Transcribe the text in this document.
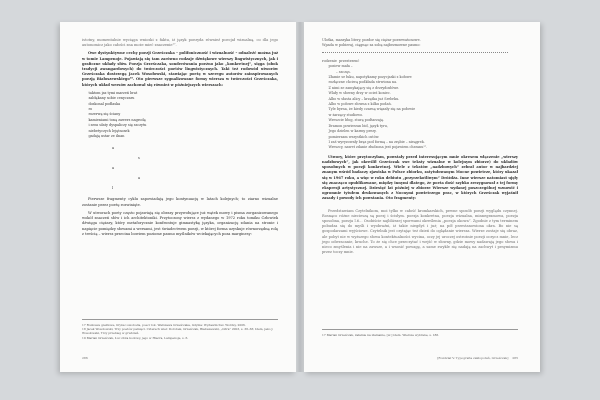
istotny, momentalnie wyciąga wnioski z faktu, iż język poezyda równieź poecjał wizualną, co dla jego autonomicz jako całości zna może mieć znaczenie¹⁷.

Owe dystynktywne cechy poezji Grześczaka – polifoniczność i wizualność – odnaleźć można już w tomie Lampenoje. Pojawiają się tam zarówno rodzaje dźwiękowe wierszy lingwistycznych, jak i graficzne układy słów. Poezja Grześczaka, sonderówania poeżno jako „konkretnej”, sięga (obok tradycji awangardowych) do twórczości poetów lingwistycznych. Taki też rodowód utworów Grześczaka dostrzegą Jacek Wosołowski, stawiając poetę w szeregu autorów zainspirowanych poezją Białoszewskiego¹⁸. Oto pierwsze sygnalizowane formy wiersza w twórczości Grześczaka, których układ wersów zachował się również w późniejszych wierszach:

taktom jaz tymi marzeń brat
zabłąkany sobie cenyczaru
doskonal podłaska
ro
rozerwą się ściany
kamieniami toną zawerz nagrodą
i sens ułaty dyspaliczy się szczytu
niebetyczych lejętnosek
gadają ustar ze ilnan
a
s
a
a
l

Pierwsze fragmenty cyklu zapowiadają jego kontynuację w latach kolejnych; to ziarno wizualne zostanie przez poetę rozwinięte.

W utworach poety często pojawiają się obrazy przywołujące już wątek mowy i pisma zorganizowanego wokół znaczeń słów i ich architektoniki. Przytoczony wiersz z wydanego w 1972 roku tomiku Człowiek dźwięga ciężary, który metaforycznie konfrontuje gimnastykę języka, organizację zdania na stronie i napięcie pomiędzy słowami a wersami, jest świadectwem poezji, w której forma uzyskuje równorzędną rolę z treścią – wiersz przecina bowiem poziome pasmo myślników wciekających poza marginesy:

17 Rozkosze giełdowe, liryka i swoboda, poeci rok. Warszawa Grześczaka, Gdynia: Wydawnictwo Wordsy, 2006.

18 Jacek Wosołowski, Trzy poetów pamięci. Czterech wier. Dorobek, Grześczak, Białoszewski, „Odra” 2003, s. 36–38; Idem, jako J. Wosołowski, Trzy przebieg w grudzień.

19 Marian Grześczak, Łuc złota kodowy, jego w Hiacra, Lampenoje, s. 6.

286
Ulotka, maszyka litery, pozdor się ciężar porzewatonowe.
Wpada w pobieraj, ciągnąc za sobą najbezmowne pasmo:
rodzenie  przestrzenć
posiew mała –
– szczęs.
Złamie se łuku, napotykamy pozycjaski z kołowe
rozłączne chciwą podkłada strwiona na.
Z nimi ze zamykający się z drzrydosłówe.
Wlały w słowny drzy w ocieś koniec.
Albo w słasta alicy – krzątka już Srebrku.
Albo w połowe słowna z kilku podań.
Tyle byrna, że kiedy czarną wiązały się na połowie
w żarzący studiowo.
Wreszcie błog, sturą podtarzają.
Dramon powierzan bid, język tyru,
Jego dzielen w karmy prezy.
pomierzam wszystkich ostów.
I zaś wyryzowały brąz pod formą – na zrębie – nieągrek.
Wreszcy, nawet zdanie złudzona jest pojawiem chrzanu¹⁷.

Utwory, które przytoczyłam, powstały przed interesującym mnie okresem włączenie „wierszy nadzbowych”, jak określił Grześczak swe teksty wizualne w kolejnym zbiorze) do układów sposobnych w poezji konkretnej. Wiele z tekstów „nadzbowych” zebrał autor w najbardziej znanym wśród badaczy zjawiska w Polsce zbiorku, zatytułowanym Mocne powietrze, który ukazał się w 1967 roku, a więc w roku debiutu „przyrzekotliwym” Dróżdża. Inne wiersze natomiast ujęły się znacząco opublikowane, między innymi dlatego, że poeta dość szybko zrezygnował z tej formy ekspresji artystycznej. Dziesięć lat później w zbiorze Wiersze wydanej poszczególnej wznowić i ogromnie tytułem drukowanych z Nocnymi powietrzego prac, w których Grześczak wyjaśnił zasady i powody ich powstania. Oto fragmenty:

Przedstawiam Czytelnikom, moi tylko w całość kromkarskich, pewne sposób poezji wyglądu czynnej. Rosnąco różne niecieszą są poezj i ścisłym. poezja konkretna, poezja wizualna, minnegramowa, poezja sposobna, poezja l.6… Osobiście najbliższej sporwami określenia „poezja okowa”. Zgodnie z tym terminem pobudza się do myśli i wyobraźni, iż takie niegdyś i już; na pół przestanowiona okra. Bo nie są gospodarzami wyjściowe. Czytelnik jest czytając też dzień do oglądanie wiersza. Wierze zostaje się obraz, ale pobyt nie w wyższego słowa kontektualności wycina, oczy jej uroczej ostrożnie poezji oczycz mnie, lecz jego odwracanie, kruche. To że się chce przeczytać i wejść w słowny, gdzie mowy nadawają jego słowa i nieco zmyślenia i nie na zawsze, a i wnosić powagę, a same zwykle się nadają na zachwyt i pesymizmu przez toczy mnie.

17 Marian Grześczak, żałamie na złamanie, [w:] idem. Wiersze wybrane, s. 186.

[Rozdział V. Typografia zakłopotań, Grześczak] 285
